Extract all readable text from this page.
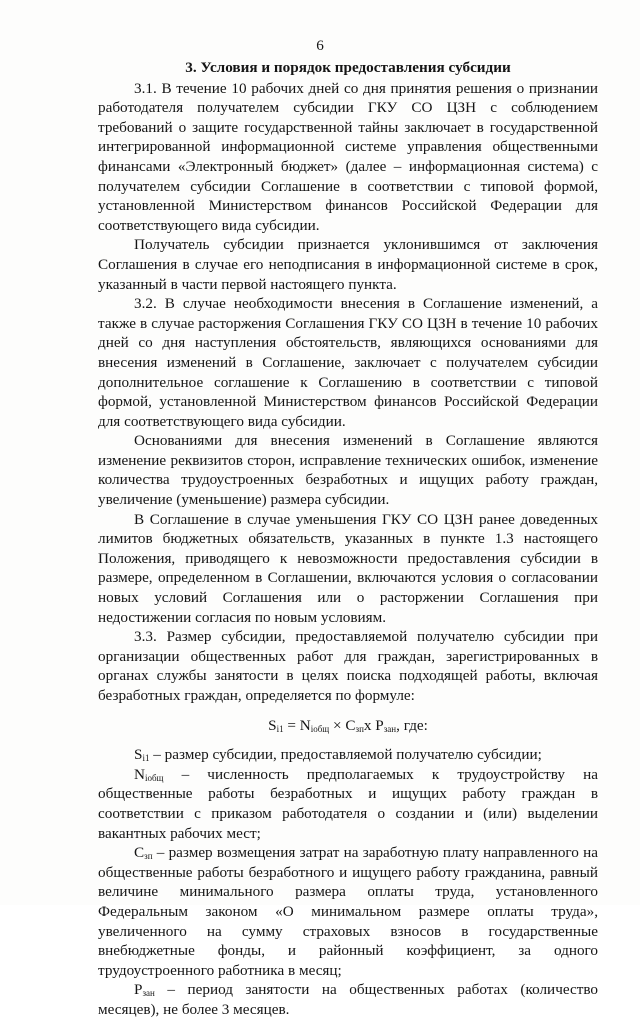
6
3. Условия и порядок предоставления субсидии

3.1. В течение 10 рабочих дней со дня принятия решения о признании работодателя получателем субсидии ГКУ СО ЦЗН с соблюдением требований о защите государственной тайны заключает в государственной интегрированной информационной системе управления общественными финансами «Электронный бюджет» (далее – информационная система) с получателем субсидии Соглашение в соответствии с типовой формой, установленной Министерством финансов Российской Федерации для соответствующего вида субсидии.

Получатель субсидии признается уклонившимся от заключения Соглашения в случае его неподписания в информационной системе в срок, указанный в части первой настоящего пункта.

3.2. В случае необходимости внесения в Соглашение изменений, а также в случае расторжения Соглашения ГКУ СО ЦЗН в течение 10 рабочих дней со дня наступления обстоятельств, являющихся основаниями для внесения изменений в Соглашение, заключает с получателем субсидии дополнительное соглашение к Соглашению в соответствии с типовой формой, установленной Министерством финансов Российской Федерации для соответствующего вида субсидии.

Основаниями для внесения изменений в Соглашение являются изменение реквизитов сторон, исправление технических ошибок, изменение количества трудоустроенных безработных и ищущих работу граждан, увеличение (уменьшение) размера субсидии.

В Соглашение в случае уменьшения ГКУ СО ЦЗН ранее доведенных лимитов бюджетных обязательств, указанных в пункте 1.3 настоящего Положения, приводящего к невозможности предоставления субсидии в размере, определенном в Соглашении, включаются условия о согласовании новых условий Соглашения или о расторжении Соглашения при недостижении согласия по новым условиям.

3.3. Размер субсидии, предоставляемой получателю субсидии при организации общественных работ для граждан, зарегистрированных в органах службы занятости в целях поиска подходящей работы, включая безработных граждан, определяется по формуле:

$S_{i1} = N_{iобщ} \times C_{зп}x$ $P_{зан}$, где:

$S_{i1}$ – размер субсидии, предоставляемой получателю субсидии;

$N_{iобщ}$ – численность предполагаемых к трудоустройству на общественные работы безработных и ищущих работу граждан в соответствии с приказом работодателя о создании и (или) выделении вакантных рабочих мест;

$C_{зп}$ – размер возмещения затрат на заработную плату направленного на общественные работы безработного и ищущего работу гражданина, равный величине минимального размера оплаты труда, установленного Федеральным законом «О минимальном размере оплаты труда», увеличенного на сумму страховых взносов в государственные внебюджетные фонды, и районный коэффициент, за одного трудоустроенного работника в месяц;

$P_{зан}$ – период занятости на общественных работах (количество месяцев), не более 3 месяцев.
